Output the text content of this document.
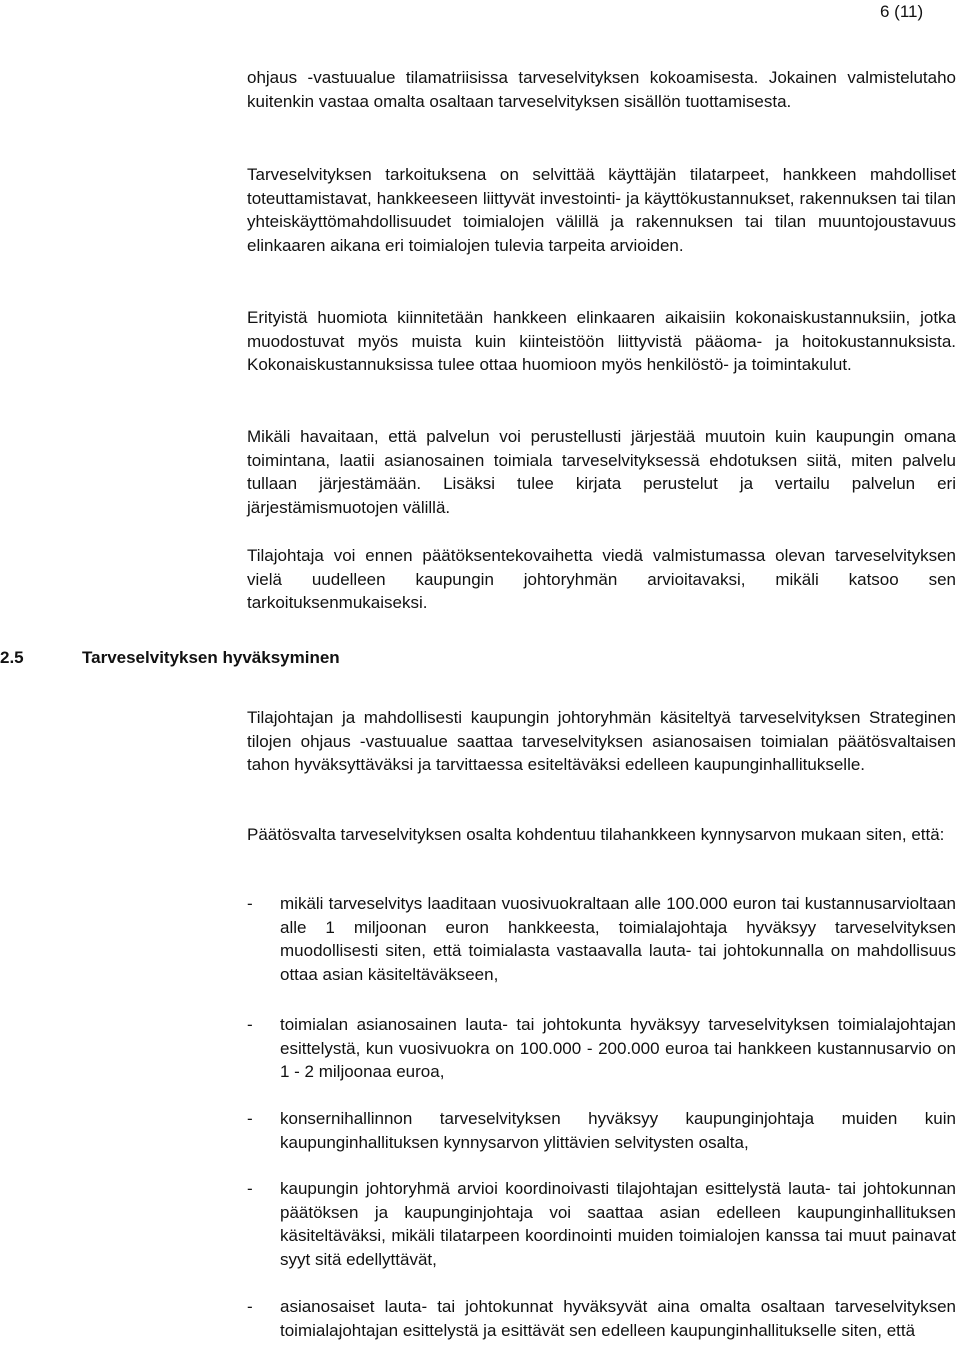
6 (11)

ohjaus -vastuualue tilamatriisissa tarveselvityksen kokoamisesta. Jokainen valmistelutaho kuitenkin vastaa omalta osaltaan tarveselvityksen sisällön tuottamisesta.

Tarveselvityksen tarkoituksena on selvittää käyttäjän tilatarpeet, hankkeen mahdolliset toteuttamistavat, hankkeeseen liittyvät investointi- ja käyttökustannukset, rakennuksen tai tilan yhteiskäyttömahdollisuudet toimialojen välillä ja rakennuksen tai tilan muuntojoustavuus elinkaaren aikana eri toimialojen tulevia tarpeita arvioiden.

Erityistä huomiota kiinnitetään hankkeen elinkaaren aikaisiin kokonaiskustannuksiin, jotka muodostuvat myös muista kuin kiinteistöön liittyvistä pääoma- ja hoitokustannuksista. Kokonaiskustannuksissa tulee ottaa huomioon myös henkilöstö- ja toimintakulut.

Mikäli havaitaan, että palvelun voi perustellusti järjestää muutoin kuin kaupungin omana toimintana, laatii asianosainen toimiala tarveselvityksessä ehdotuksen siitä, miten palvelu tullaan järjestämään. Lisäksi tulee kirjata perustelut ja vertailu palvelun eri järjestämismuotojen välillä.

Tilajohtaja voi ennen päätöksentekovaihetta viedä valmistumassa olevan tarveselvityksen vielä uudelleen kaupungin johtoryhmän arvioitavaksi, mikäli katsoo sen tarkoituksenmukaiseksi.

2.5	Tarveselvityksen hyväksyminen

Tilajohtajan ja mahdollisesti kaupungin johtoryhmän käsiteltyä tarveselvityksen Strateginen tilojen ohjaus -vastuualue saattaa tarveselvityksen asianosaisen toimialan päätösvaltaisen tahon hyväksyttäväksi ja tarvittaessa esiteltäväksi edelleen kaupunginhallitukselle.

Päätösvalta tarveselvityksen osalta kohdentuu tilahankkeen kynnysarvon mukaan siten, että:

- mikäli tarveselvitys laaditaan vuosivuokraltaan alle 100.000 euron tai kustannusarvioltaan alle 1 miljoonan euron hankkeesta, toimialajohtaja hyväksyy tarveselvityksen muodollisesti siten, että toimialasta vastaavalla lauta- tai johtokunnalla on mahdollisuus ottaa asian käsiteltäväkseen,
- toimialan asianosainen lauta- tai johtokunta hyväksyy tarveselvityksen toimialajohtajan esittelystä, kun vuosivuokra on 100.000 - 200.000 euroa tai hankkeen kustannusarvio on 1 - 2 miljoonaa euroa,
- konsernihallinnon tarveselvityksen hyväksyy kaupunginjohtaja muiden kuin kaupunginhallituksen kynnysarvon ylittävien selvitysten osalta,
- kaupungin johtoryhmä arvioi koordinoivasti tilajohtajan esittelystä lauta- tai johtokunnan päätöksen ja kaupunginjohtaja voi saattaa asian edelleen kaupunginhallituksen käsiteltäväksi, mikäli tilatarpeen koordinointi muiden toimialojen kanssa tai muut painavat syyt sitä edellyttävät,
- asianosaiset lauta- tai johtokunnat hyväksyvät aina omalta osaltaan tarveselvityksen toimialajohtajan esittelystä ja esittävät sen edelleen kaupunginhallitukselle siten, että
